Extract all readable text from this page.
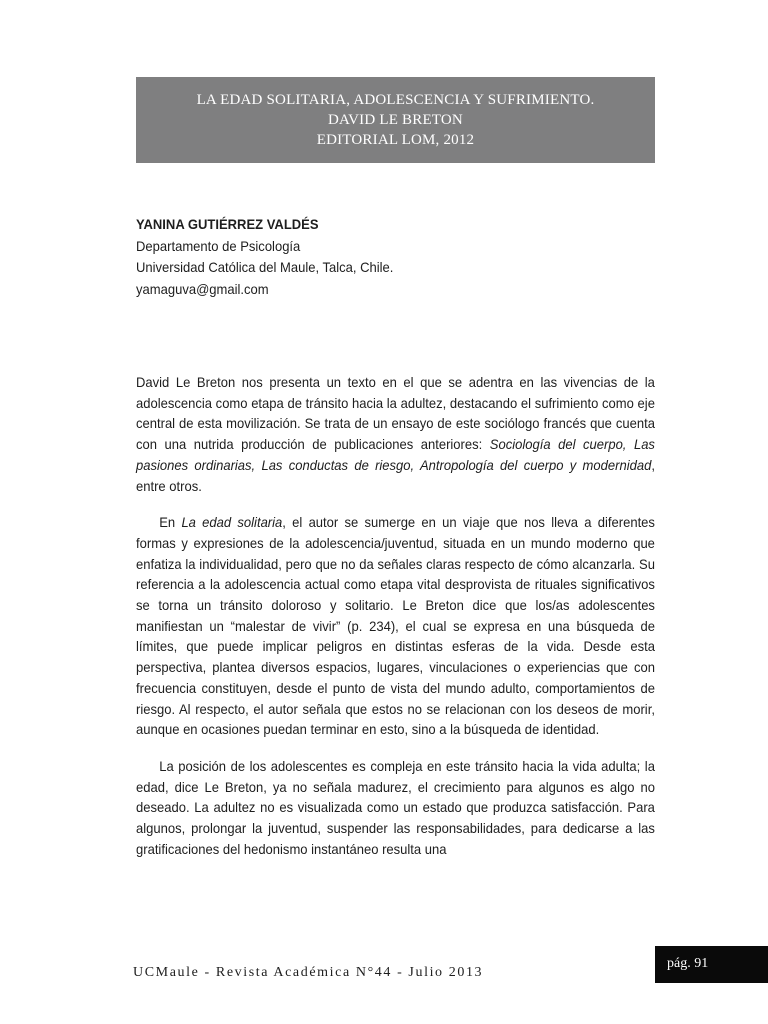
LA EDAD SOLITARIA, ADOLESCENCIA Y SUFRIMIENTO.
DAVID LE BRETON
EDITORIAL LOM, 2012
YANINA GUTIÉRREZ VALDÉS
Departamento de Psicología
Universidad Católica del Maule, Talca, Chile.
yamaguva@gmail.com

David Le Breton nos presenta un texto en el que se adentra en las vivencias de la adolescencia como etapa de tránsito hacia la adultez, destacando el sufrimiento como eje central de esta movilización. Se trata de un ensayo de este sociólogo francés que cuenta con una nutrida producción de publicaciones anteriores: Sociología del cuerpo, Las pasiones ordinarias, Las conductas de riesgo, Antropología del cuerpo y modernidad, entre otros.

En La edad solitaria, el autor se sumerge en un viaje que nos lleva a diferentes formas y expresiones de la adolescencia/juventud, situada en un mundo moderno que enfatiza la individualidad, pero que no da señales claras respecto de cómo alcanzarla. Su referencia a la adolescencia actual como etapa vital desprovista de rituales significativos se torna un tránsito doloroso y solitario. Le Breton dice que los/as adolescentes manifiestan un “malestar de vivir” (p. 234), el cual se expresa en una búsqueda de límites, que puede implicar peligros en distintas esferas de la vida. Desde esta perspectiva, plantea diversos espacios, lugares, vinculaciones o experiencias que con frecuencia constituyen, desde el punto de vista del mundo adulto, comportamientos de riesgo. Al respecto, el autor señala que estos no se relacionan con los deseos de morir, aunque en ocasiones puedan terminar en esto, sino a la búsqueda de identidad.

La posición de los adolescentes es compleja en este tránsito hacia la vida adulta; la edad, dice Le Breton, ya no señala madurez, el crecimiento para algunos es algo no deseado. La adultez no es visualizada como un estado que produzca satisfacción. Para algunos, prolongar la juventud, suspender las responsabilidades, para dedicarse a las gratificaciones del hedonismo instantáneo resulta una

UCMaule - Revista Académica N°44 - Julio 2013
pág. 91
